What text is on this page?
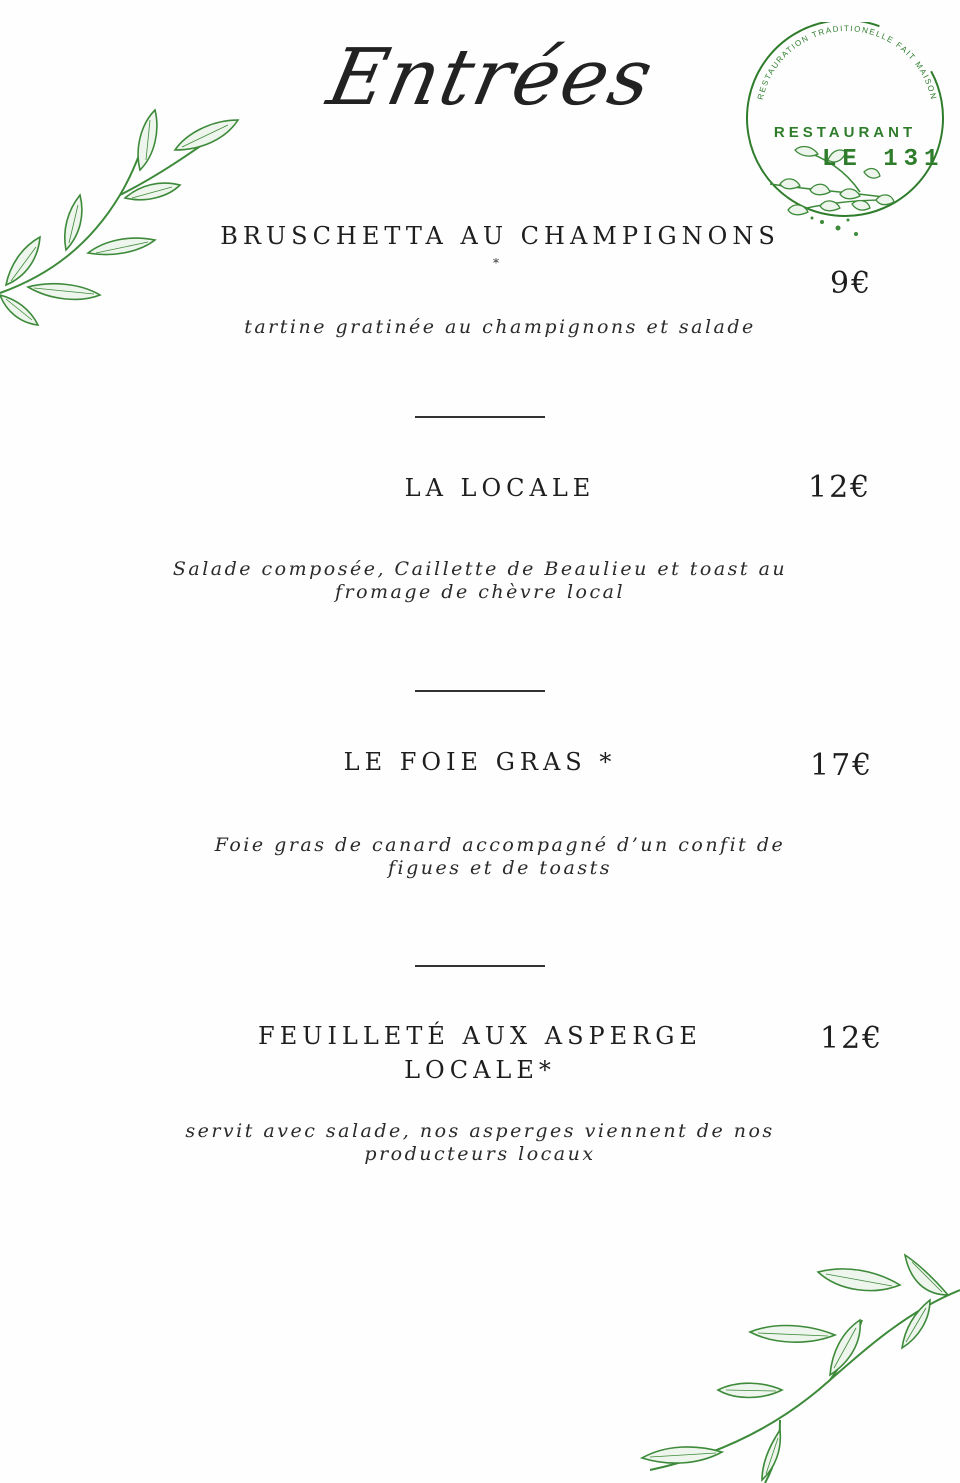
Entrées	RESTAURATION TRADITIONELLE FAIT MAISON
RESTAURANT
LE 131
BRUSCHETTA AU CHAMPIGNONS
*
9€
tartine gratinée au champignons et salade
LA LOCALE	12€
Salade composée, Caillette de Beaulieu et toast au
fromage de chèvre local
LE FOIE GRAS *	17€
Foie gras de canard accompagné d’un confit de
figues et de toasts
FEUILLETÉ AUX ASPERGE
LOCALE*
12€
servit avec salade, nos asperges viennent de nos
producteurs locaux
